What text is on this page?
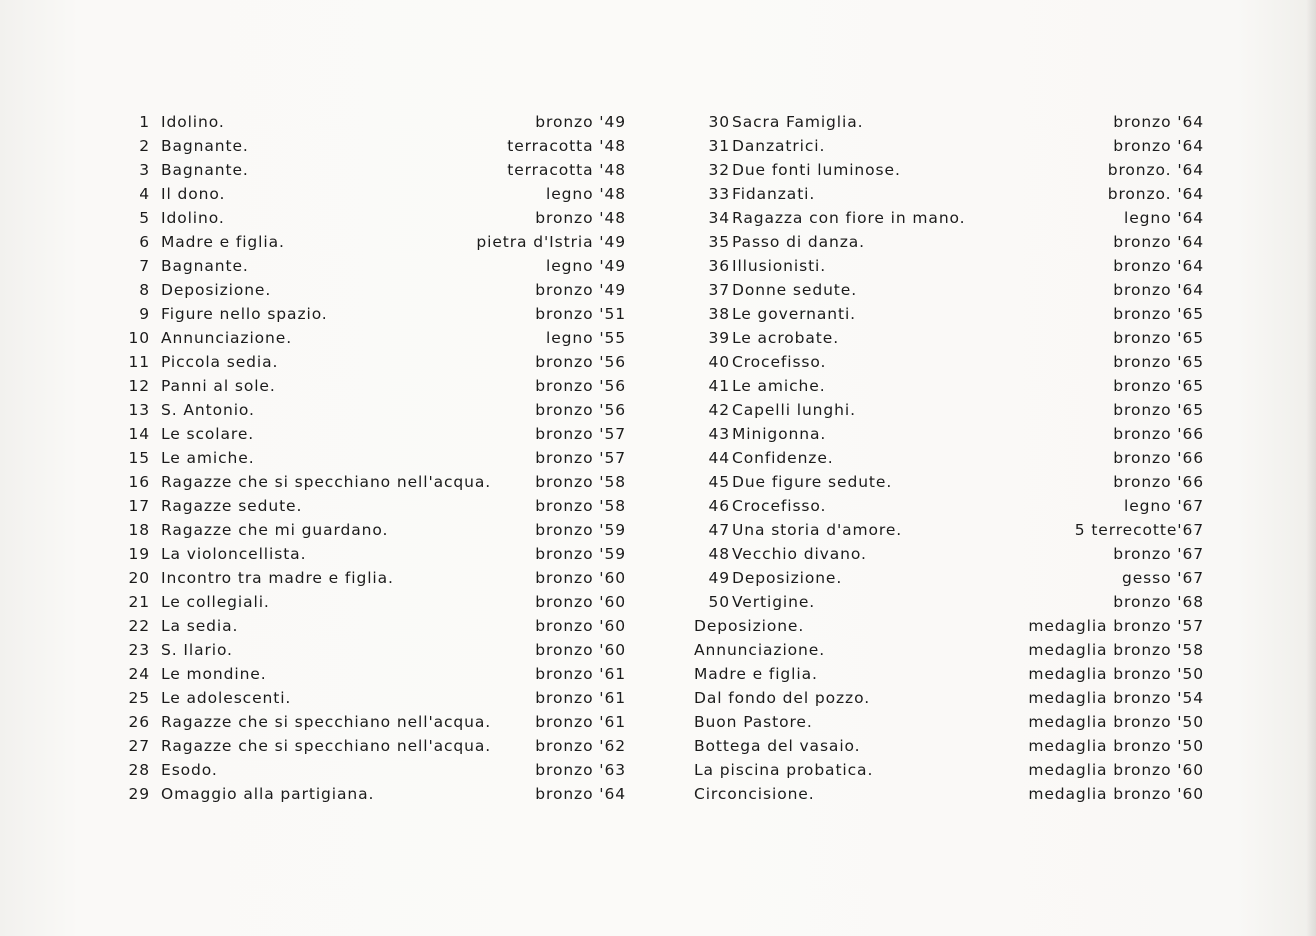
1 Idolino.	bronzo '49
2 Bagnante.	terracotta '48
3 Bagnante.	terracotta '48
4 Il dono.	legno '48
5 Idolino.	bronzo '48
6 Madre e figlia.	pietra d'Istria '49
7 Bagnante.	legno '49
8 Deposizione.	bronzo '49
9 Figure nello spazio.	bronzo '51
10 Annunciazione.	legno '55
11 Piccola sedia.	bronzo '56
12 Panni al sole.	bronzo '56
13 S. Antonio.	bronzo '56
14 Le scolare.	bronzo '57
15 Le amiche.	bronzo '57
16 Ragazze che si specchiano nell'acqua.	bronzo '58
17 Ragazze sedute.	bronzo '58
18 Ragazze che mi guardano.	bronzo '59
19 La violoncellista.	bronzo '59
20 Incontro tra madre e figlia.	bronzo '60
21 Le collegiali.	bronzo '60
22 La sedia.	bronzo '60
23 S. Ilario.	bronzo '60
24 Le mondine.	bronzo '61
25 Le adolescenti.	bronzo '61
26 Ragazze che si specchiano nell'acqua.	bronzo '61
27 Ragazze che si specchiano nell'acqua.	bronzo '62
28 Esodo.	bronzo '63
29 Omaggio alla partigiana.	bronzo '64
30 Sacra Famiglia.	bronzo '64
31 Danzatrici.	bronzo '64
32 Due fonti luminose.	bronzo. '64
33 Fidanzati.	bronzo. '64
34 Ragazza con fiore in mano.	legno '64
35 Passo di danza.	bronzo '64
36 Illusionisti.	bronzo '64
37 Donne sedute.	bronzo '64
38 Le governanti.	bronzo '65
39 Le acrobate.	bronzo '65
40 Crocefisso.	bronzo '65
41 Le amiche.	bronzo '65
42 Capelli lunghi.	bronzo '65
43 Minigonna.	bronzo '66
44 Confidenze.	bronzo '66
45 Due figure sedute.	bronzo '66
46 Crocefisso.	legno '67
47 Una storia d'amore.	5 terrecotte'67
48 Vecchio divano.	bronzo '67
49 Deposizione.	gesso '67
50 Vertigine.	bronzo '68
Deposizione.	medaglia bronzo '57
Annunciazione.	medaglia bronzo '58
Madre e figlia.	medaglia bronzo '50
Dal fondo del pozzo.	medaglia bronzo '54
Buon Pastore.	medaglia bronzo '50
Bottega del vasaio.	medaglia bronzo '50
La piscina probatica.	medaglia bronzo '60
Circoncisione.	medaglia bronzo '60
